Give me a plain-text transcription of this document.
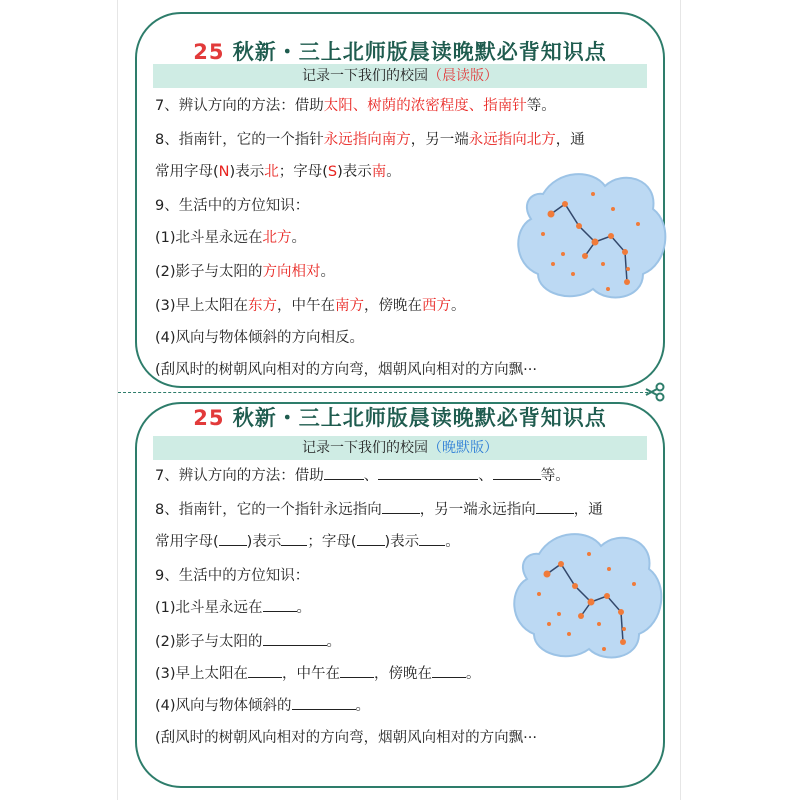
25 秋新・三上北师版晨读晚默必背知识点
记录一下我们的校园（晨读版）
7、辨认方向的方法：借助太阳、树荫的浓密程度、指南针等。
8、指南针，它的一个指针永远指向南方，另一端永远指向北方，通
常用字母(N)表示北；字母(S)表示南。
9、生活中的方位知识：
(1)北斗星永远在北方。
(2)影子与太阳的方向相对。
(3)早上太阳在东方，中午在南方，傍晚在西方。
(4)风向与物体倾斜的方向相反。
(刮风时的树朝风向相对的方向弯，烟朝风向相对的方向飘···
25 秋新・三上北师版晨读晚默必背知识点
记录一下我们的校园（晚默版）
7、辨认方向的方法：借助	、	、	等。
8、指南针，它的一个指针永远指向	，另一端永远指向	，通
常用字母( )表示 ；字母( )表示 。
9、生活中的方位知识：
(1)北斗星永远在 。
(2)影子与太阳的	。
(3)早上太阳在 ，中午在 ，傍晚在 。
(4)风向与物体倾斜的	。
(刮风时的树朝风向相对的方向弯，烟朝风向相对的方向飘···
